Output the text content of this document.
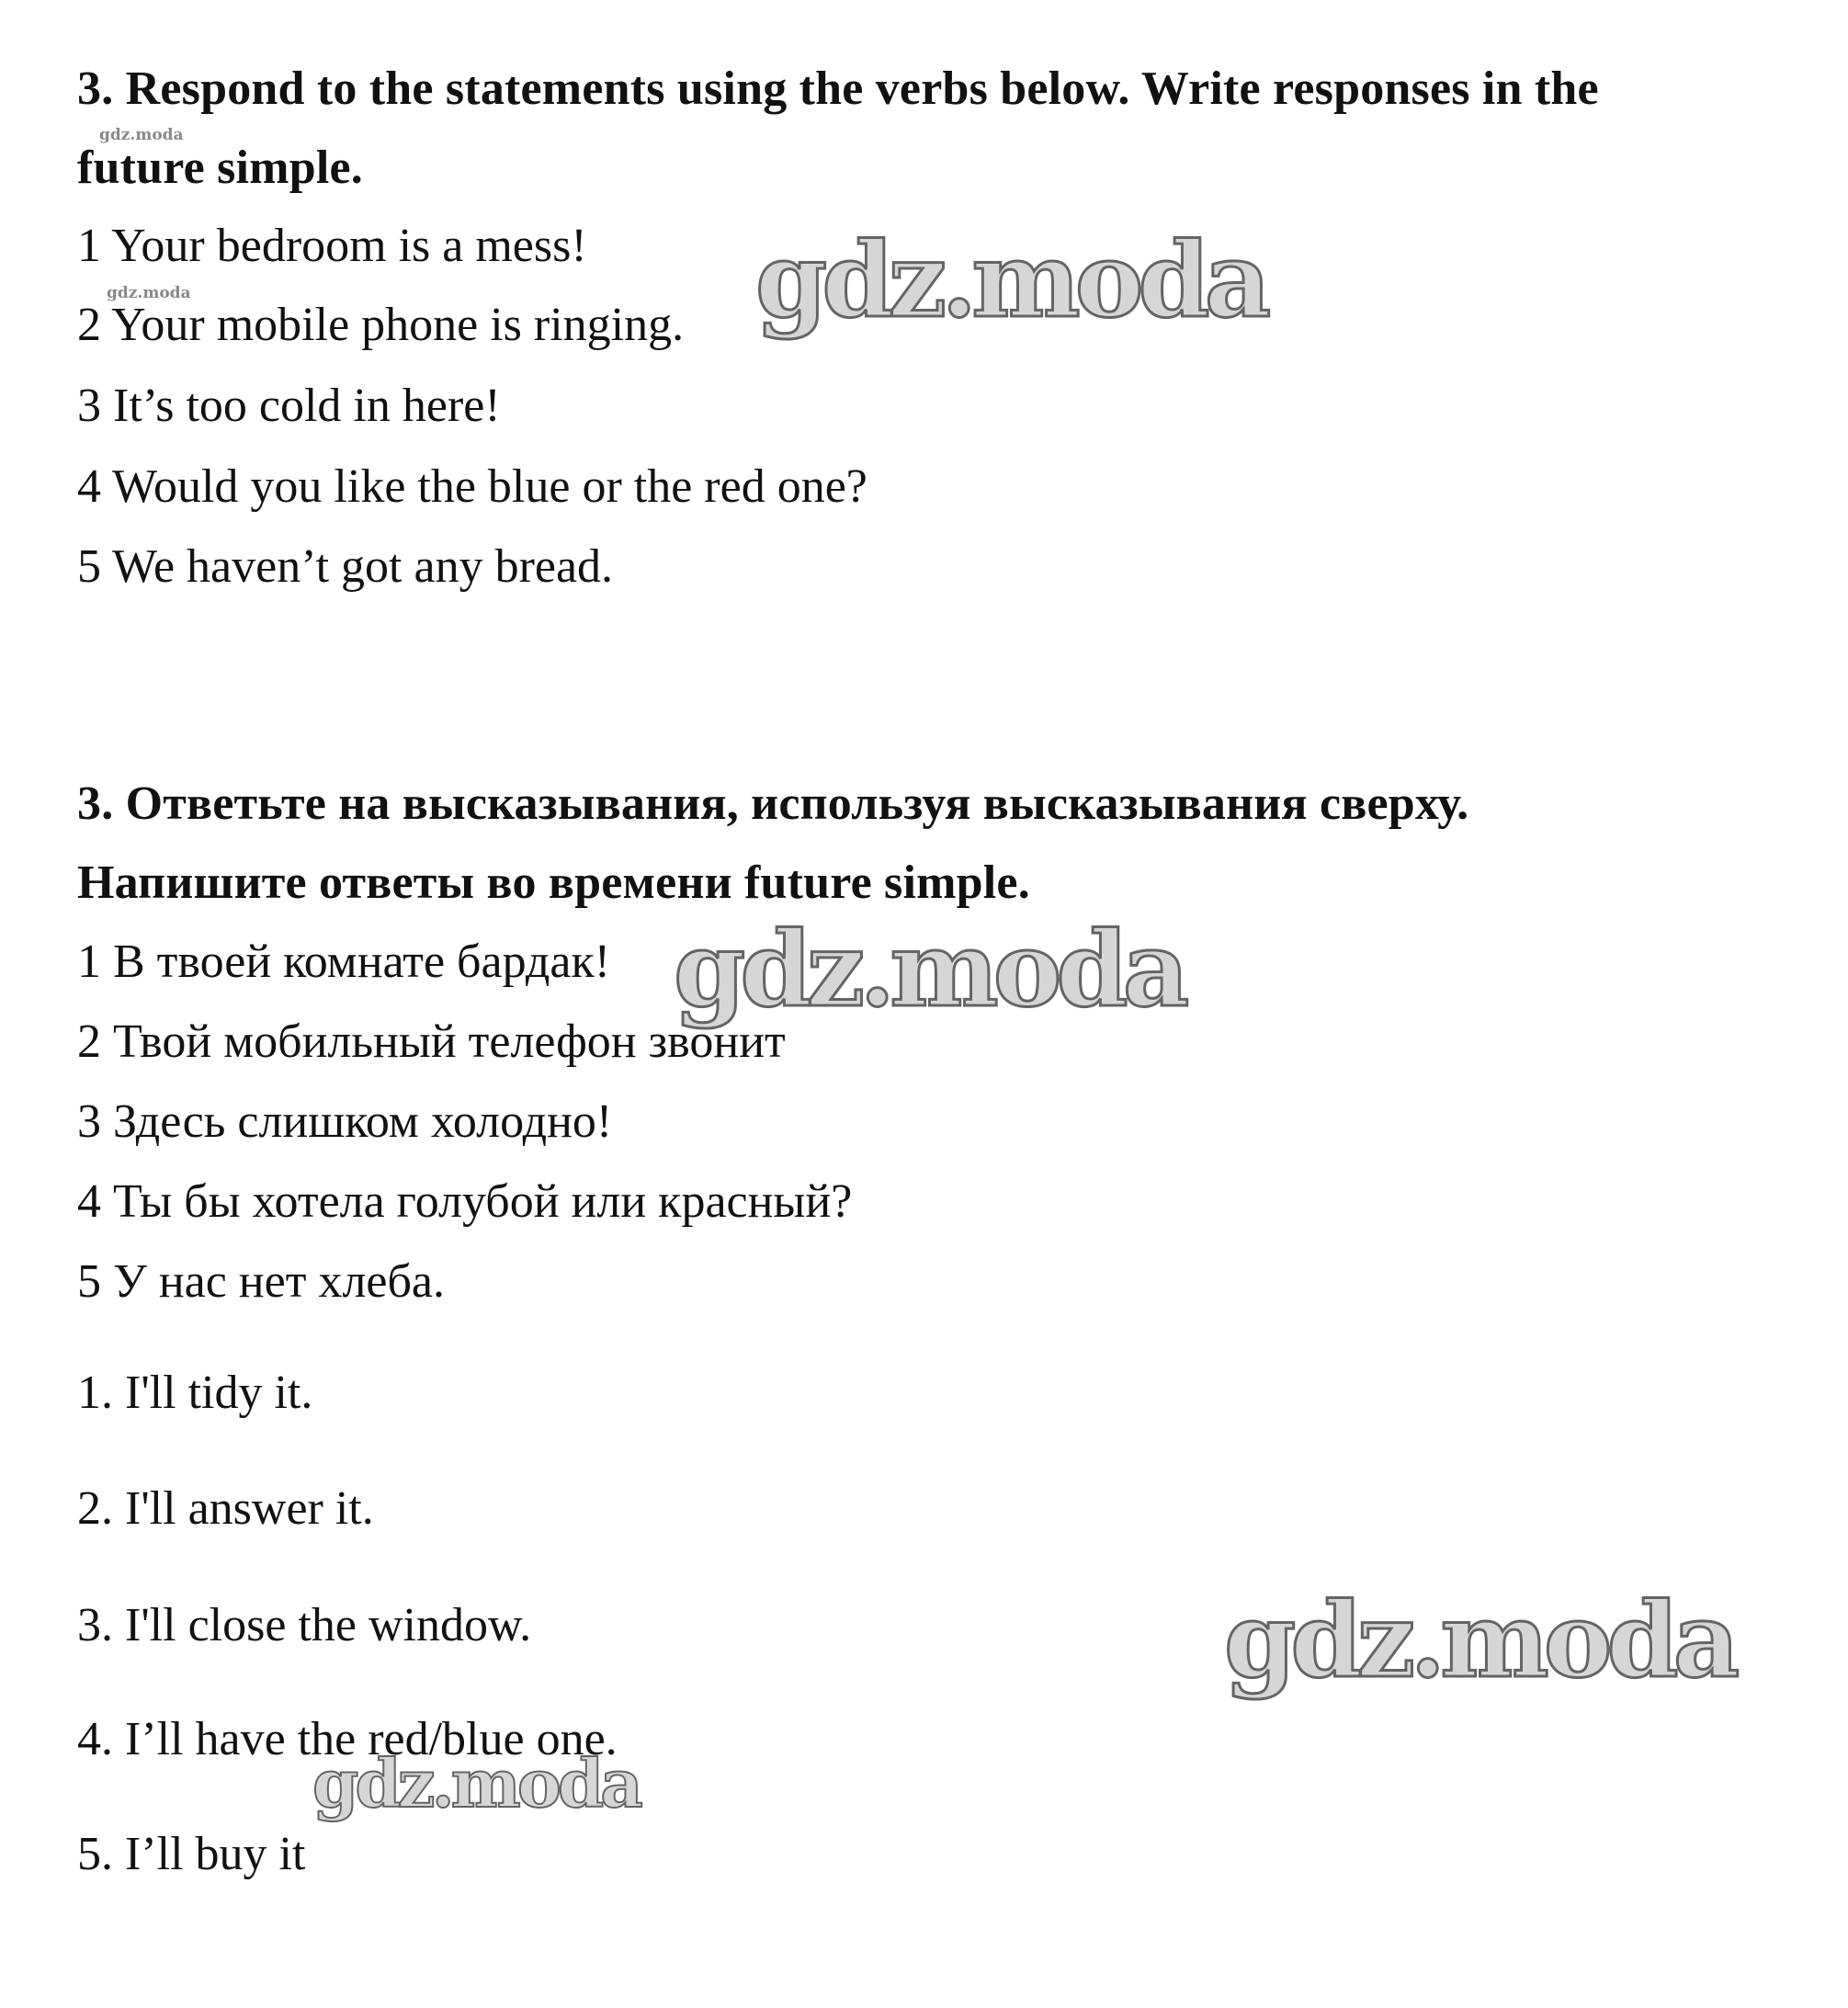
3. Respond to the statements using the verbs below. Write responses in the
future simple.
1 Your bedroom is a mess!
2 Your mobile phone is ringing.
3 It’s too cold in here!
4 Would you like the blue or the red one?
5 We haven’t got any bread.
3. Ответьте на высказывания, используя высказывания сверху.
Напишите ответы во времени future simple.
1 В твоей комнате бардак!
2 Твой мобильный телефон звонит
3 Здесь слишком холодно!
4 Ты бы хотела голубой или красный?
5 У нас нет хлеба.
1. I'll tidy it.
2. I'll answer it.
3. I'll close the window.
4. I’ll have the red/blue one.
5. I’ll buy it
gdz.moda
gdz.moda	gdz.moda
gdz.moda
gdz.moda
gdz.moda
